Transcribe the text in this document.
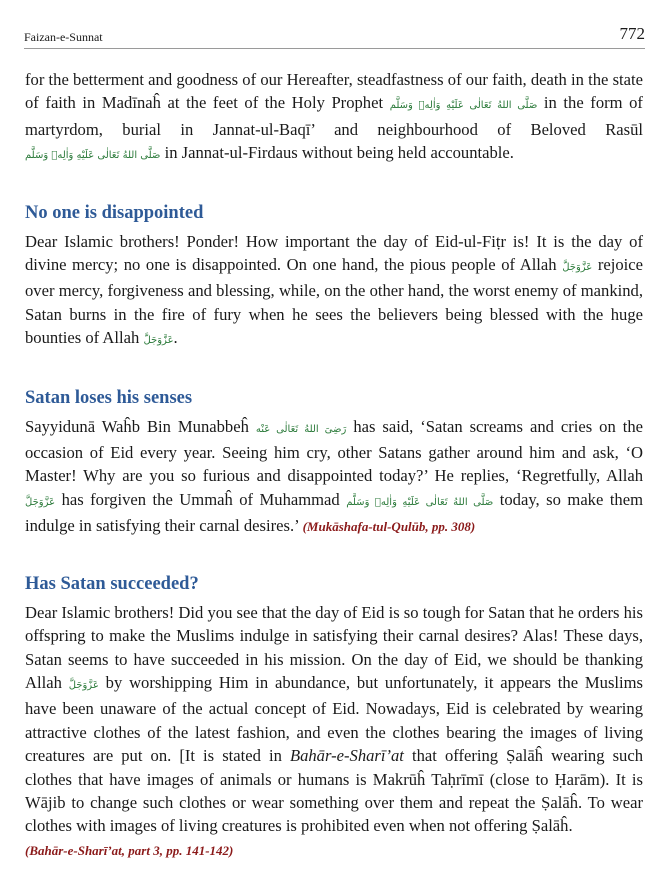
Faizan-e-Sunnat	772

for the betterment and goodness of our Hereafter, steadfastness of our faith, death in the state of faith in Madīnaĥ at the feet of the Holy Prophet صَلَّى اللهُ تَعَالٰی عَلَيْهِ وَاٰلِهٖ وَسَلَّم in the form of martyrdom, burial in Jannat-ul-Baqī’ and neighbourhood of Beloved Rasūl صَلَّى اللهُ تَعَالٰی عَلَيْهِ وَاٰلِهٖ وَسَلَّم in Jannat-ul-Firdaus without being held accountable.

No one is disappointed

Dear Islamic brothers! Ponder! How important the day of Eid-ul-Fiṭr is! It is the day of divine mercy; no one is disappointed. On one hand, the pious people of Allah عَزَّوَجَلَّ rejoice over mercy, forgiveness and blessing, while, on the other hand, the worst enemy of mankind, Satan burns in the fire of fury when he sees the believers being blessed with the huge bounties of Allah عَزَّوَجَلَّ.

Satan loses his senses

Sayyidunā Waĥb Bin Munabbeĥ رَضِیَ اللهُ تَعَالٰی عَنْه has said, ‘Satan screams and cries on the occasion of Eid every year. Seeing him cry, other Satans gather around him and ask, ‘O Master! Why are you so furious and disappointed today?’ He replies, ‘Regretfully, Allah عَزَّوَجَلَّ has forgiven the Ummaĥ of Muhammad صَلَّى اللهُ تَعَالٰی عَلَيْهِ وَاٰلِهٖ وَسَلَّم today, so make them indulge in satisfying their carnal desires.’ (Mukāshafa-tul-Qulūb, pp. 308)

Has Satan succeeded?

Dear Islamic brothers! Did you see that the day of Eid is so tough for Satan that he orders his offspring to make the Muslims indulge in satisfying their carnal desires? Alas! These days, Satan seems to have succeeded in his mission. On the day of Eid, we should be thanking Allah عَزَّوَجَلَّ by worshipping Him in abundance, but unfortunately, it appears the Muslims have been unaware of the actual concept of Eid. Nowadays, Eid is celebrated by wearing attractive clothes of the latest fashion, and even the clothes bearing the images of living creatures are put on. [It is stated in Bahār-e-Sharī’at that offering Ṣalāĥ wearing such clothes that have images of animals or humans is Makrūĥ Taḥrīmī (close to Ḥarām). It is Wājib to change such clothes or wear something over them and repeat the Ṣalāĥ. To wear clothes with images of living creatures is prohibited even when not offering Ṣalāĥ.
(Bahār-e-Sharī’at, part 3, pp. 141-142)
